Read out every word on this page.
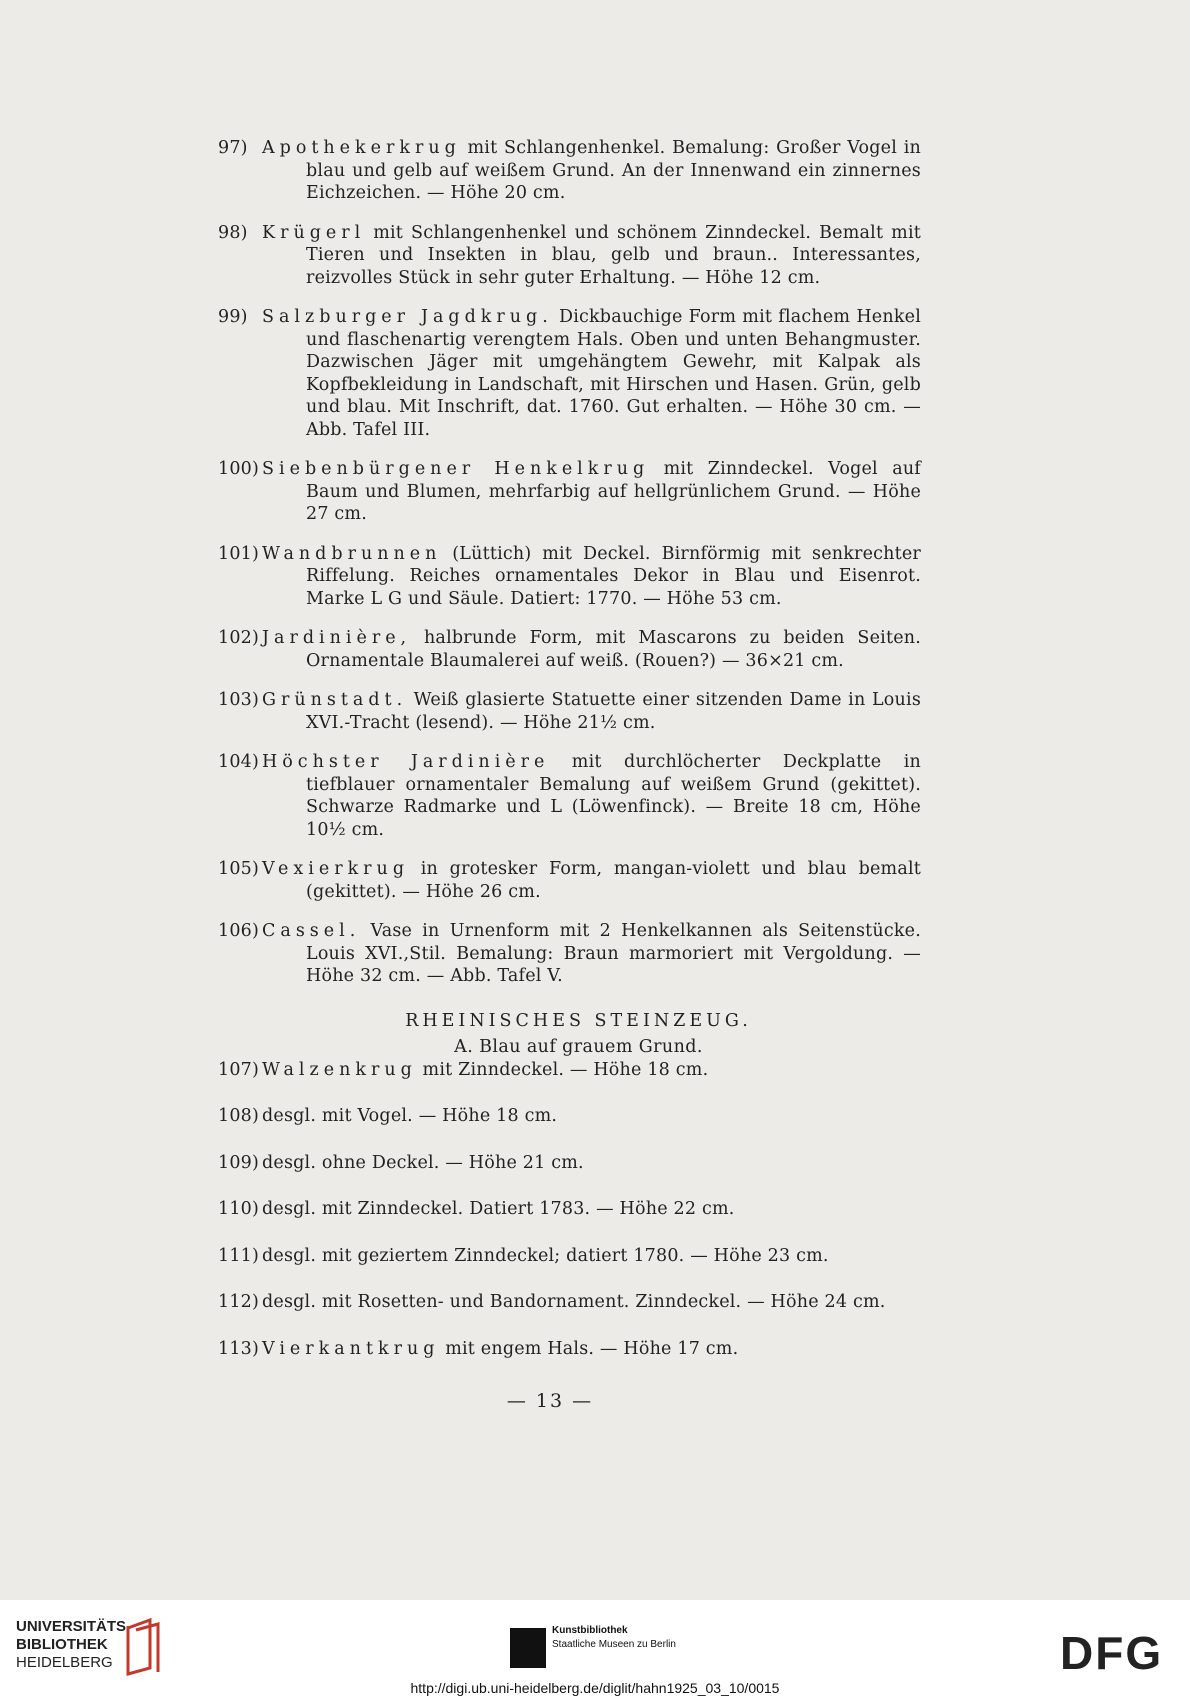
97) Apothekerkrug mit Schlangenhenkel. Bemalung: Großer Vogel in blau und gelb auf weißem Grund. An der Innenwand ein zinnernes Eichzeichen. — Höhe 20 cm.
98) Krügerl mit Schlangenhenkel und schönem Zinndeckel. Bemalt mit Tieren und Insekten in blau, gelb und braun.. Interessantes, reizvolles Stück in sehr guter Erhaltung. — Höhe 12 cm.
99) Salzburger Jagdkrug. Dickbauchige Form mit flachem Henkel und flaschenartig verengtem Hals. Oben und unten Behangmuster. Dazwischen Jäger mit umgehängtem Gewehr, mit Kalpak als Kopfbekleidung in Landschaft, mit Hirschen und Hasen. Grün, gelb und blau. Mit Inschrift, dat. 1760. Gut erhalten. — Höhe 30 cm. — Abb. Tafel III.
100) Siebenbürgener Henkelkrug mit Zinndeckel. Vogel auf Baum und Blumen, mehrfarbig auf hellgrünlichem Grund. — Höhe 27 cm.
101) Wandbrunnen (Lüttich) mit Deckel. Birnförmig mit senkrechter Riffelung. Reiches ornamentales Dekor in Blau und Eisenrot. Marke L G und Säule. Datiert: 1770. — Höhe 53 cm.
102) Jardinière, halbrunde Form, mit Mascarons zu beiden Seiten. Ornamentale Blaumalerei auf weiß. (Rouen?) — 36×21 cm.
103) Grünstadt. Weiß glasierte Statuette einer sitzenden Dame in Louis XVI.-Tracht (lesend). — Höhe 21½ cm.
104) Höchster Jardinière mit durchlöcherter Deckplatte in tiefblauer ornamentaler Bemalung auf weißem Grund (gekittet). Schwarze Radmarke und L (Löwenfinck). — Breite 18 cm, Höhe 10½ cm.
105) Vexierkrug in grotesker Form, mangan-violett und blau bemalt (gekittet). — Höhe 26 cm.
106) Cassel. Vase in Urnenform mit 2 Henkelkannen als Seitenstücke. Louis XVI.,Stil. Bemalung: Braun marmoriert mit Vergoldung. — Höhe 32 cm. — Abb. Tafel V.
RHEINISCHES STEINZEUG.
A. Blau auf grauem Grund.
107) Walzenkrug mit Zinndeckel. — Höhe 18 cm.
108) desgl. mit Vogel. — Höhe 18 cm.
109) desgl. ohne Deckel. — Höhe 21 cm.
110) desgl. mit Zinndeckel. Datiert 1783. — Höhe 22 cm.
111) desgl. mit geziertem Zinndeckel; datiert 1780. — Höhe 23 cm.
112) desgl. mit Rosetten- und Bandornament. Zinndeckel. — Höhe 24 cm.
113) Vierkantkrug mit engem Hals. — Höhe 17 cm.
— 13 —
UNIVERSITÄTS-
BIBLIOTHEK
HEIDELBERG
Kunstbibliothek
Staatliche Museen zu Berlin	DFG
http://digi.ub.uni-heidelberg.de/diglit/hahn1925_03_10/0015
